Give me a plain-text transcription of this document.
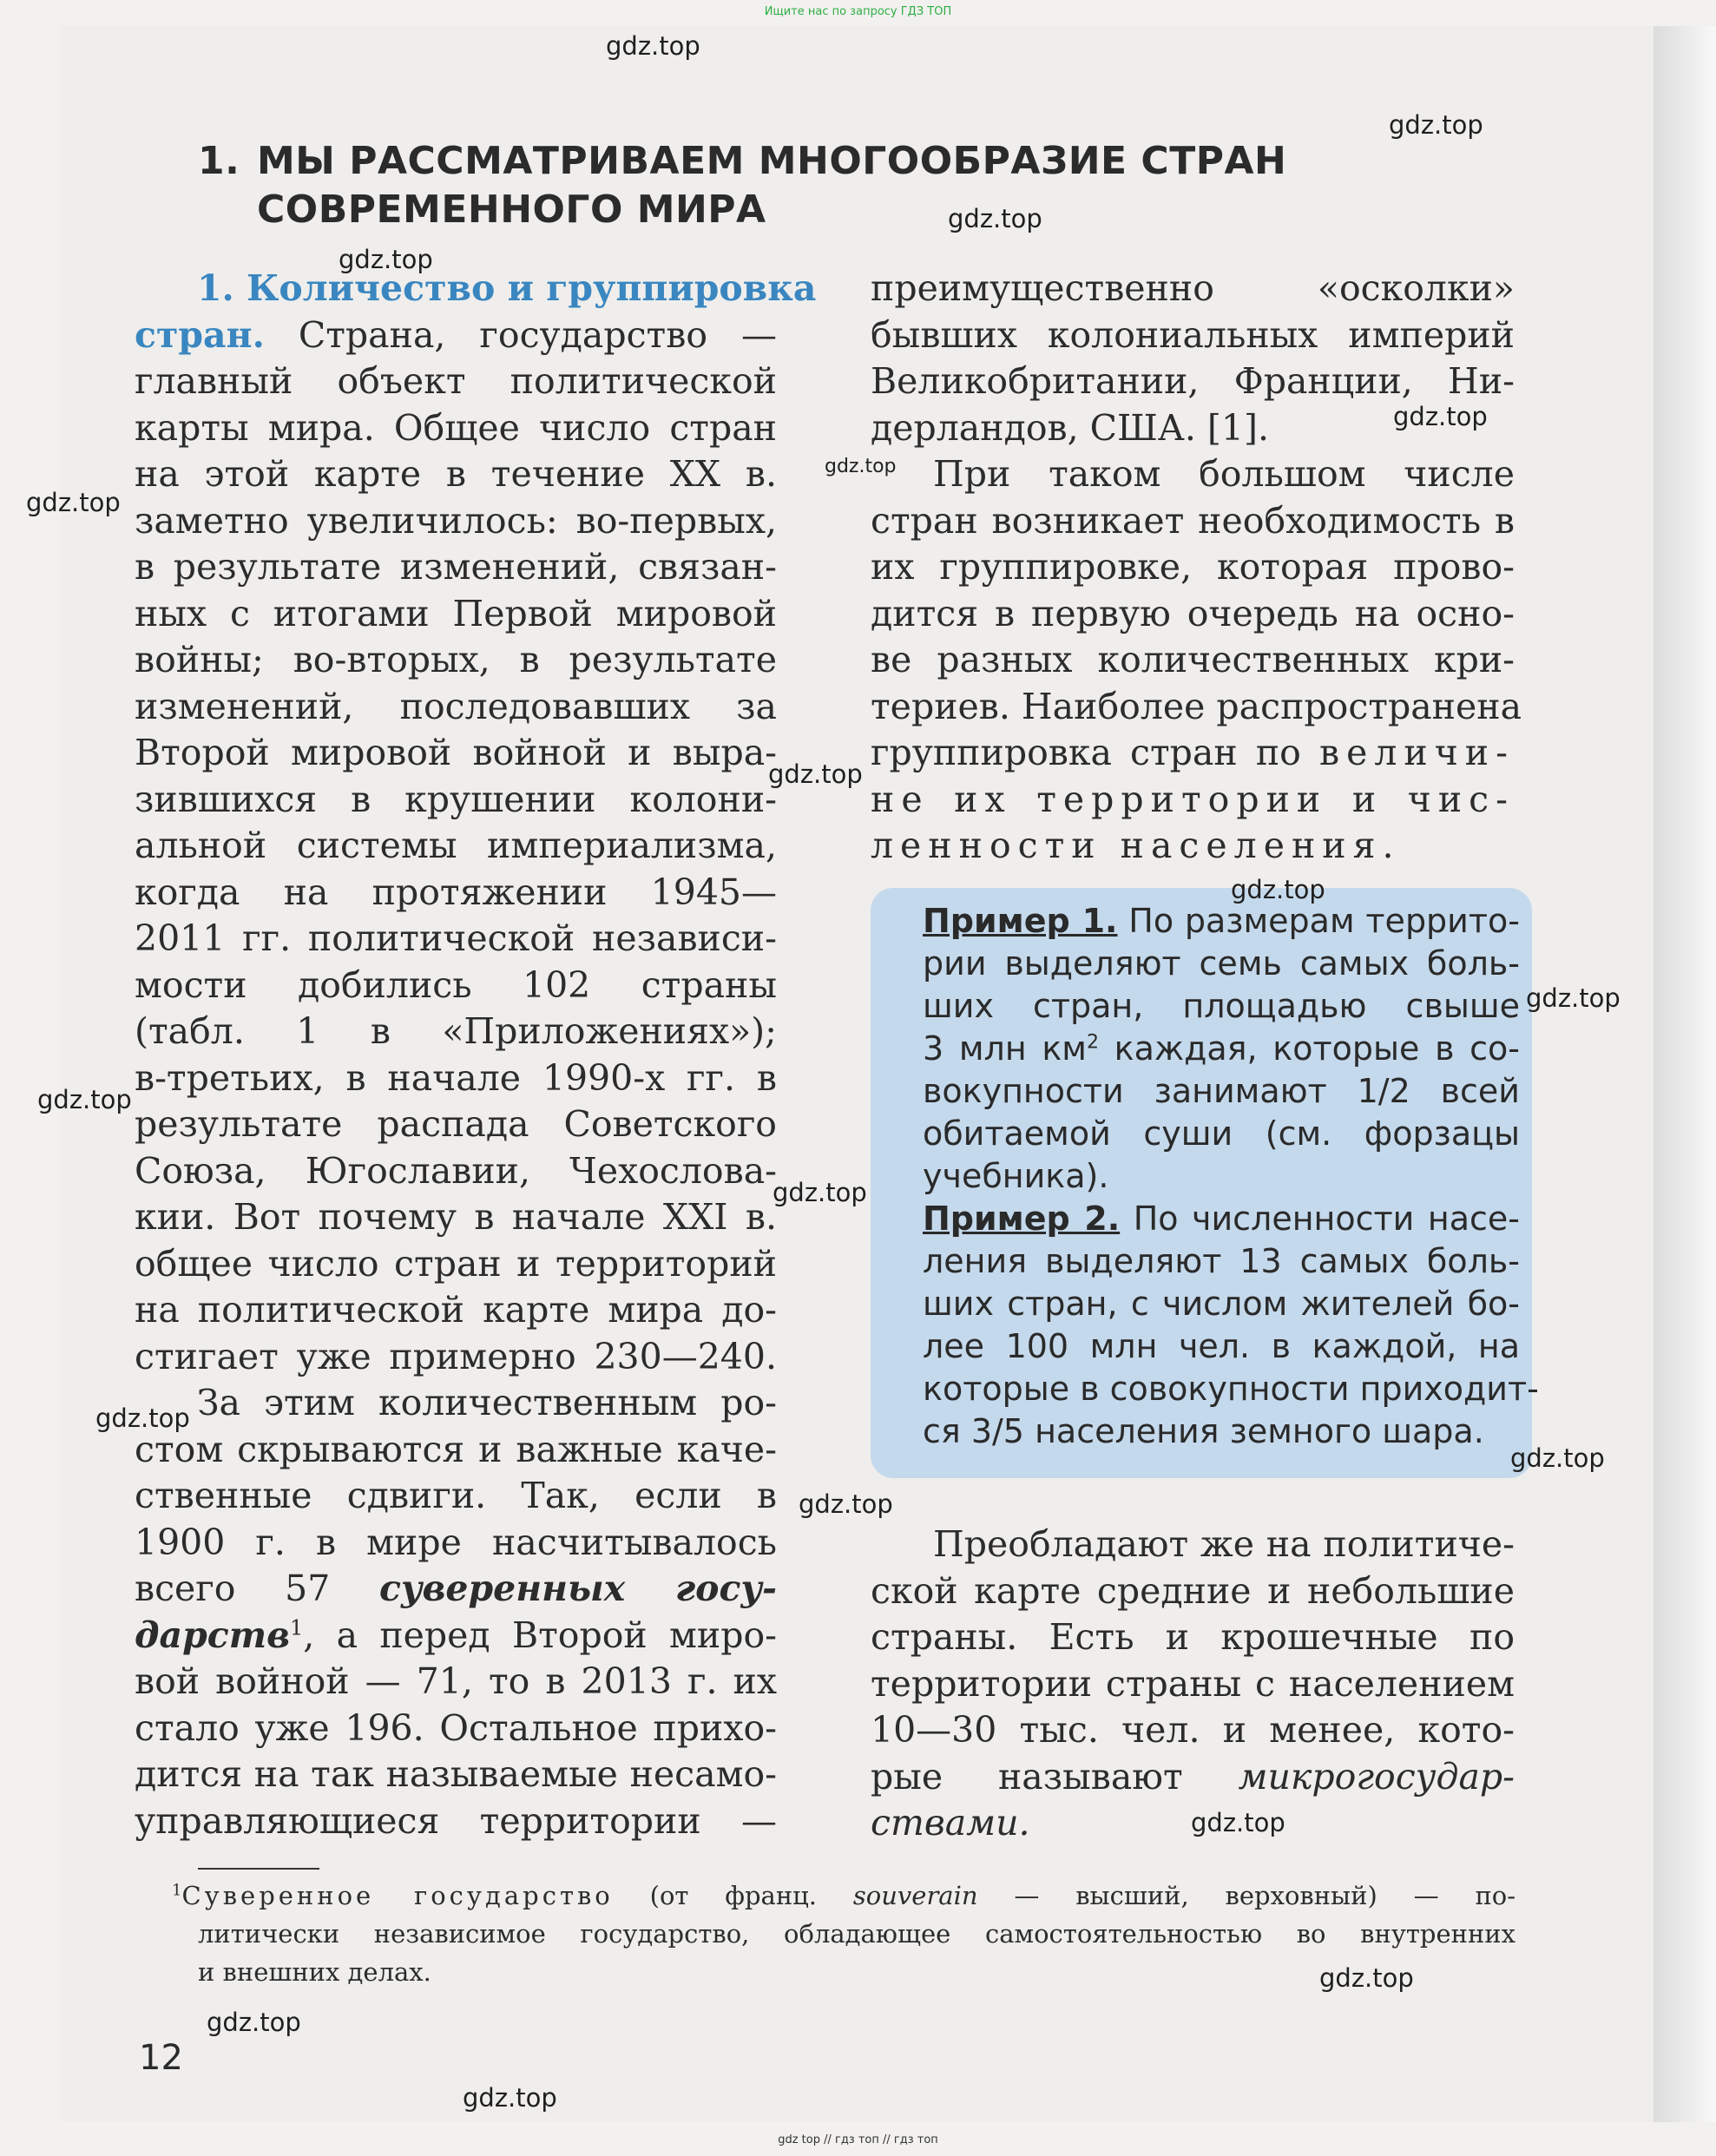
Ищите нас по запросу ГДЗ ТОП
1. МЫ РАССМАТРИВАЕМ МНОГООБРАЗИЕ СТРАН
СОВРЕМЕННОГО МИРА
1. Количество и группировка
стран. Страна, государство —
главный объект политической
карты мира. Общее число стран
на этой карте в течение XX в.
заметно увеличилось: во-первых,
в результате изменений, связан-
ных с итогами Первой мировой
войны; во-вторых, в результате
изменений, последовавших за
Второй мировой войной и выра-
зившихся в крушении колони-
альной системы империализма,
когда на протяжении 1945—
2011 гг. политической независи-
мости добились 102 страны
(табл. 1 в «Приложениях»);
в-третьих, в начале 1990-х гг. в
результате распада Советского
Союза, Югославии, Чехослова-
кии. Вот почему в начале XXI в.
общее число стран и территорий
на политической карте мира до-
стигает уже примерно 230—240.
За этим количественным ро-
стом скрываются и важные каче-
ственные сдвиги. Так, если в
1900 г. в мире насчитывалось
всего 57 суверенных госу-
дарств$^1$, а перед Второй миро-
вой войной — 71, то в 2013 г. их
стало уже 196. Остальное прихо-
дится на так называемые несамо-
управляющиеся территории —
преимущественно «осколки»
бывших колониальных империй
Великобритании, Франции, Ни-
дерландов, США. [1].
При таком большом числе
стран возникает необходимость в
их группировке, которая прово-
дится в первую очередь на осно-
ве разных количественных кри-
териев. Наиболее распространена
группировка стран по величи-
не их территории и чис-
ленности населения.
Пример 1. По размерам террито-
рии выделяют семь самых боль-
ших стран, площадью свыше
3 млн $км^2$ каждая, которые в со-
вокупности занимают 1/2 всей
обитаемой суши (см. форзацы
учебника).
Пример 2. По численности насе-
ления выделяют 13 самых боль-
ших стран, с числом жителей бо-
лее 100 млн чел. в каждой, на
которые в совокупности приходит-
ся 3/5 населения земного шара.
Преобладают же на политиче-
ской карте средние и небольшие
страны. Есть и крошечные по
территории страны с населением
10—30 тыс. чел. и менее, кото-
рые называют микрогосудар-
ствами.
$^1$Суверенное государство (от франц. souverain — высший, верховный) — по-
литически независимое государство, обладающее самостоятельностью во внутренних
и внешних делах.
12
gdz.top
gdz.top
gdz.top
gdz.top
gdz.top
gdz.top
gdz.top
gdz.top
gdz.top
gdz.top
gdz.top
gdz.top
gdz.top
gdz.top
gdz.top
gdz.top
gdz.top
gdz.top
gdz.top
gdz top // гдз топ // гдз топ
